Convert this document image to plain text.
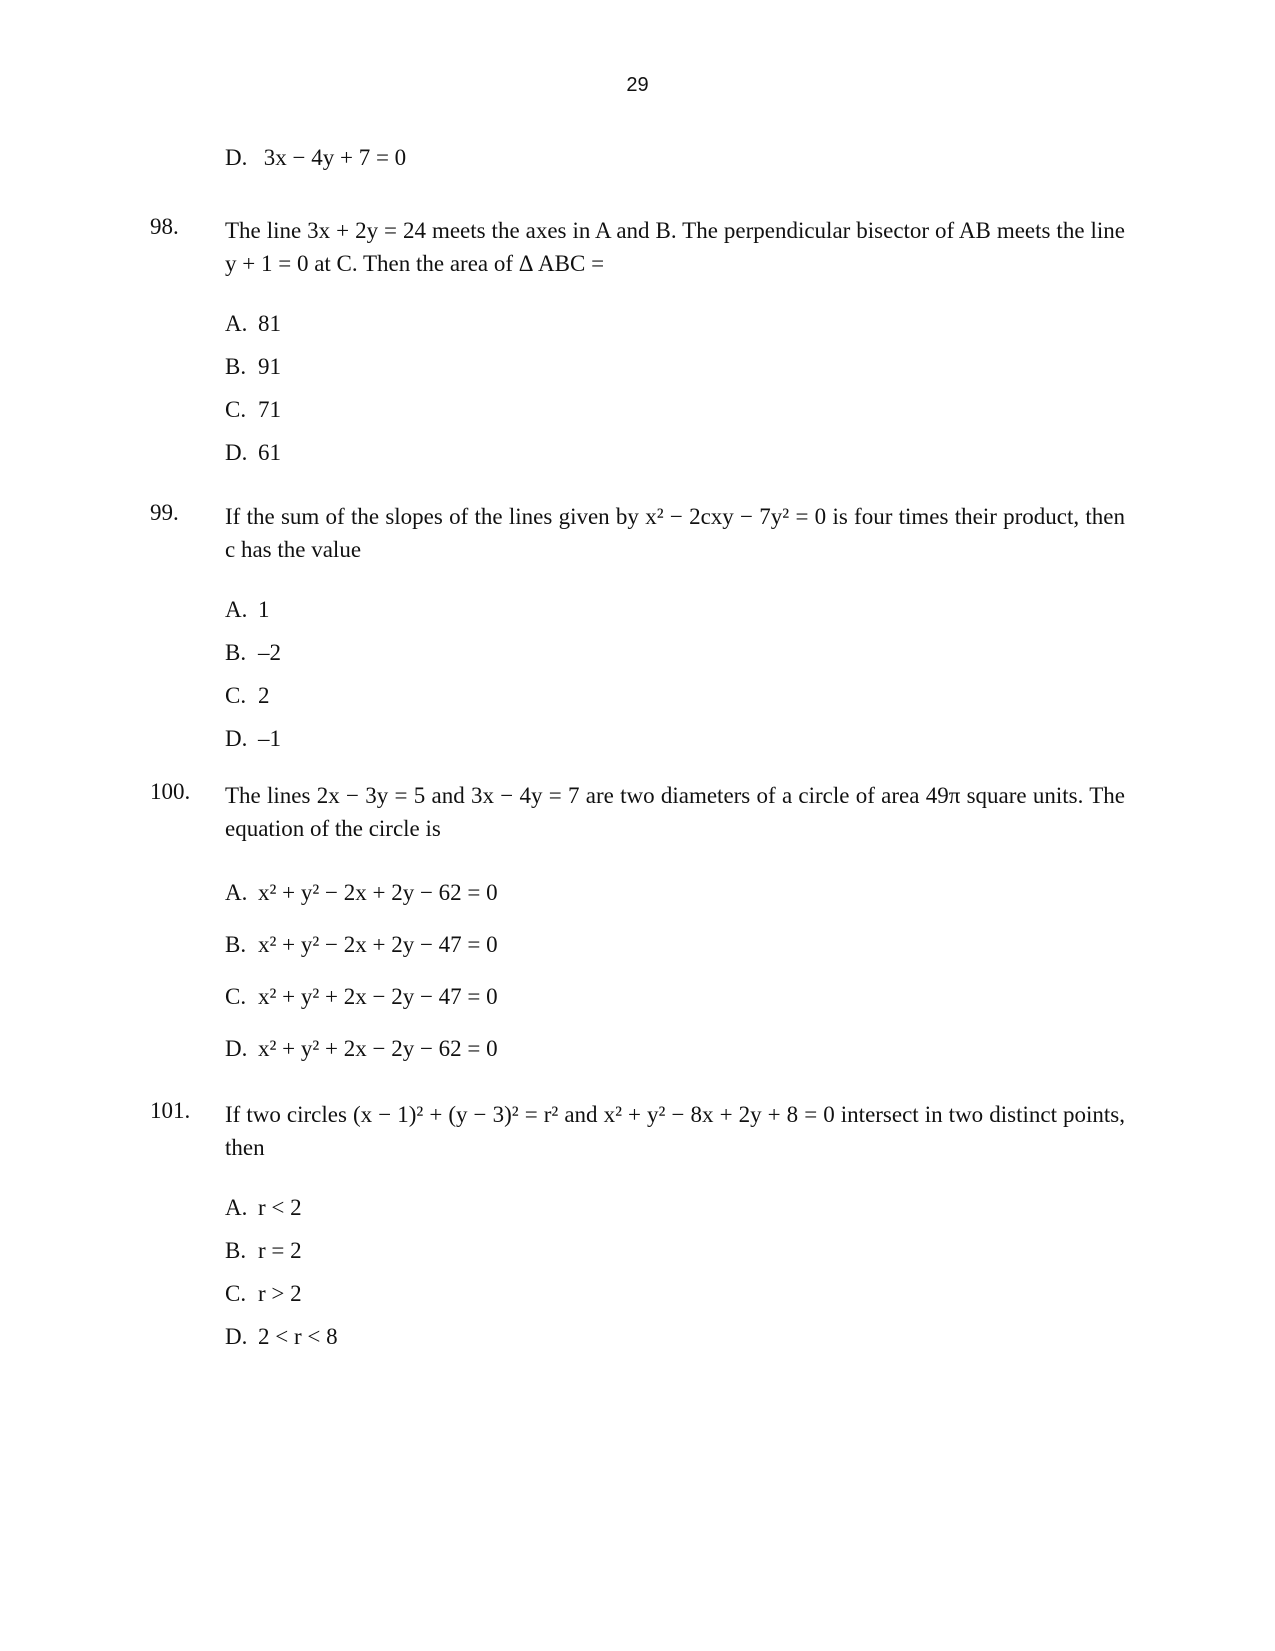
29
D. 3x − 4y + 7 = 0
98. The line 3x + 2y = 24 meets the axes in A and B. The perpendicular bisector of AB meets the line y + 1 = 0 at C. Then the area of Δ ABC =
A. 81
B. 91
C. 71
D. 61
99. If the sum of the slopes of the lines given by x² − 2cxy − 7y² = 0 is four times their product, then c has the value
A. 1
B. –2
C. 2
D. –1
100. The lines 2x − 3y = 5 and 3x − 4y = 7 are two diameters of a circle of area 49π square units. The equation of the circle is
A. x² + y² − 2x + 2y − 62 = 0
B. x² + y² − 2x + 2y − 47 = 0
C. x² + y² + 2x − 2y − 47 = 0
D. x² + y² + 2x − 2y − 62 = 0
101. If two circles (x − 1)² + (y − 3)² = r² and x² + y² − 8x + 2y + 8 = 0 intersect in two distinct points, then
A. r < 2
B. r = 2
C. r > 2
D. 2 < r < 8
